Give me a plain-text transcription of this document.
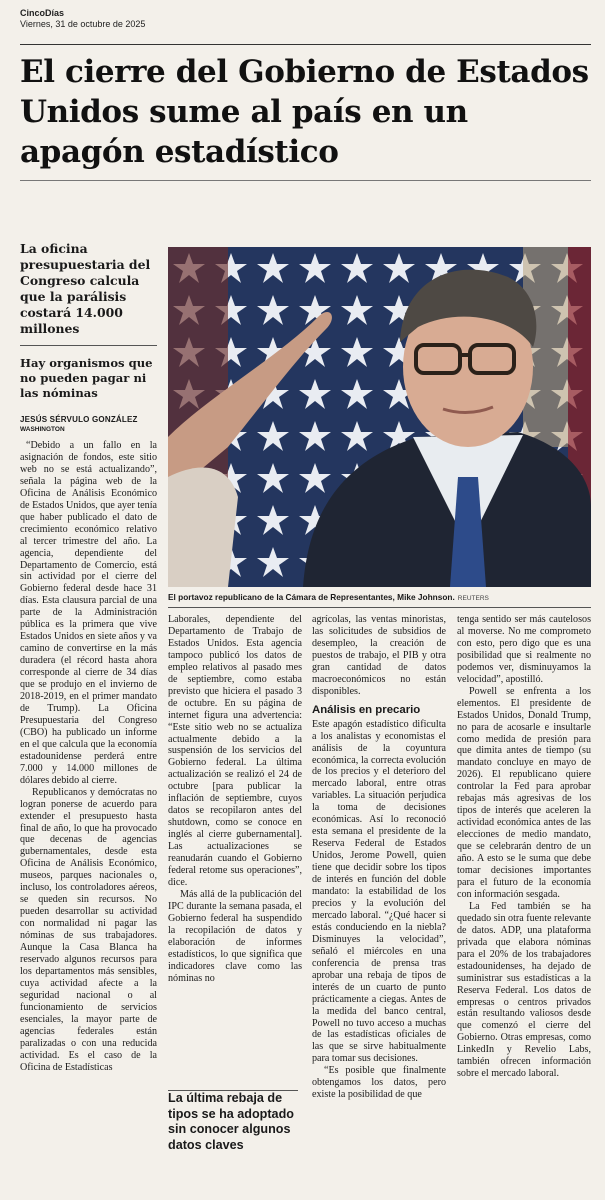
CincoDías
Viernes, 31 de octubre de 2025
El cierre del Gobierno de Estados Unidos sume al país en un apagón estadístico
La oficina presupuestaria del Congreso calcula que la parálisis costará 14.000 millones
Hay organismos que no pueden pagar ni las nóminas
JESÚS SÉRVULO GONZÁLEZ
WASHINGTON

“Debido a un fallo en la asignación de fondos, este sitio web no se está actualizando”, señala la página web de la Oficina de Análisis Económico de Estados Unidos, que ayer tenía que haber publicado el dato de crecimiento económico relativo al tercer trimestre del año. La agencia, dependiente del Departamento de Comercio, está sin actividad por el cierre del Gobierno federal desde hace 31 días. Esta clausura parcial de una parte de la Administración pública es la primera que vive Estados Unidos en siete años y va camino de convertirse en la más duradera (el récord hasta ahora corresponde al cierre de 34 días que se produjo en el invierno de 2018-2019, en el primer mandato de Trump). La Oficina Presupuestaria del Congreso (CBO) ha publicado un informe en el que calcula que la economía estadounidense perderá entre 7.000 y 14.000 millones de dólares debido al cierre.

Republicanos y demócratas no logran ponerse de acuerdo para extender el presupuesto hasta final de año, lo que ha provocado que decenas de agencias gubernamentales, desde esta Oficina de Análisis Económico, museos, parques nacionales o, incluso, los controladores aéreos, se queden sin recursos. No pueden desarrollar su actividad con normalidad ni pagar las nóminas de sus trabajadores. Aunque la Casa Blanca ha reservado algunos recursos para los departamentos más sensibles, cuya actividad afecte a la seguridad nacional o al funcionamiento de servicios esenciales, la mayor parte de agencias federales están paralizadas o con una reducida actividad. Es el caso de la Oficina de Estadísticas

El portavoz republicano de la Cámara de Representantes, Mike Johnson. REUTERS

Laborales, dependiente del Departamento de Trabajo de Estados Unidos. Esta agencia tampoco publicó los datos de empleo relativos al pasado mes de septiembre, como estaba previsto que hiciera el pasado 3 de octubre. En su página de internet figura una advertencia: “Este sitio web no se actualiza actualmente debido a la suspensión de los servicios del Gobierno federal. La última actualización se realizó el 24 de octubre [para publicar la inflación de septiembre, cuyos datos se recopilaron antes del shutdown, como se conoce en inglés al cierre gubernamental]. Las actualizaciones se reanudarán cuando el Gobierno federal retome sus operaciones”, dice.

Más allá de la publicación del IPC durante la semana pasada, el Gobierno federal ha suspendido la recopilación de datos y elaboración de informes estadísticos, lo que significa que indicadores clave como las nóminas no

La última rebaja de tipos se ha adoptado sin conocer algunos datos claves

agrícolas, las ventas minoristas, las solicitudes de subsidios de desempleo, la creación de puestos de trabajo, el PIB y otra gran cantidad de datos macroeconómicos no están disponibles.

Análisis en precario

Este apagón estadístico dificulta a los analistas y economistas el análisis de la coyuntura económica, la correcta evolución de los precios y el deterioro del mercado laboral, entre otras variables. La situación perjudica la toma de decisiones económicas. Así lo reconoció esta semana el presidente de la Reserva Federal de Estados Unidos, Jerome Powell, quien tiene que decidir sobre los tipos de interés en función del doble mandato: la estabilidad de los precios y la evolución del mercado laboral. “¿Qué hacer si estás conduciendo en la niebla? Disminuyes la velocidad”, señaló el miércoles en una conferencia de prensa tras aprobar una rebaja de tipos de interés de un cuarto de punto prácticamente a ciegas. Antes de la medida del banco central, Powell no tuvo acceso a muchas de las estadísticas oficiales de las que se sirve habitualmente para tomar sus decisiones.

“Es posible que finalmente obtengamos los datos, pero existe la posibilidad de que

tenga sentido ser más cautelosos al moverse. No me comprometo con esto, pero digo que es una posibilidad que si realmente no podemos ver, disminuyamos la velocidad”, apostilló.

Powell se enfrenta a los elementos. El presidente de Estados Unidos, Donald Trump, no para de acosarle e insultarle como medida de presión para que dimita antes de tiempo (su mandato concluye en mayo de 2026). El republicano quiere controlar la Fed para aprobar rebajas más agresivas de los tipos de interés que aceleren la actividad económica antes de las elecciones de medio mandato, que se celebrarán dentro de un año. A esto se le suma que debe tomar decisiones importantes para el futuro de la economía con información sesgada.

La Fed también se ha quedado sin otra fuente relevante de datos. ADP, una plataforma privada que elabora nóminas para el 20% de los trabajadores estadounidenses, ha dejado de suministrar sus estadísticas a la Reserva Federal. Los datos de empresas o centros privados están resultando valiosos desde que comenzó el cierre del Gobierno. Otras empresas, como LinkedIn y Revelio Labs, también ofrecen información sobre el mercado laboral.
